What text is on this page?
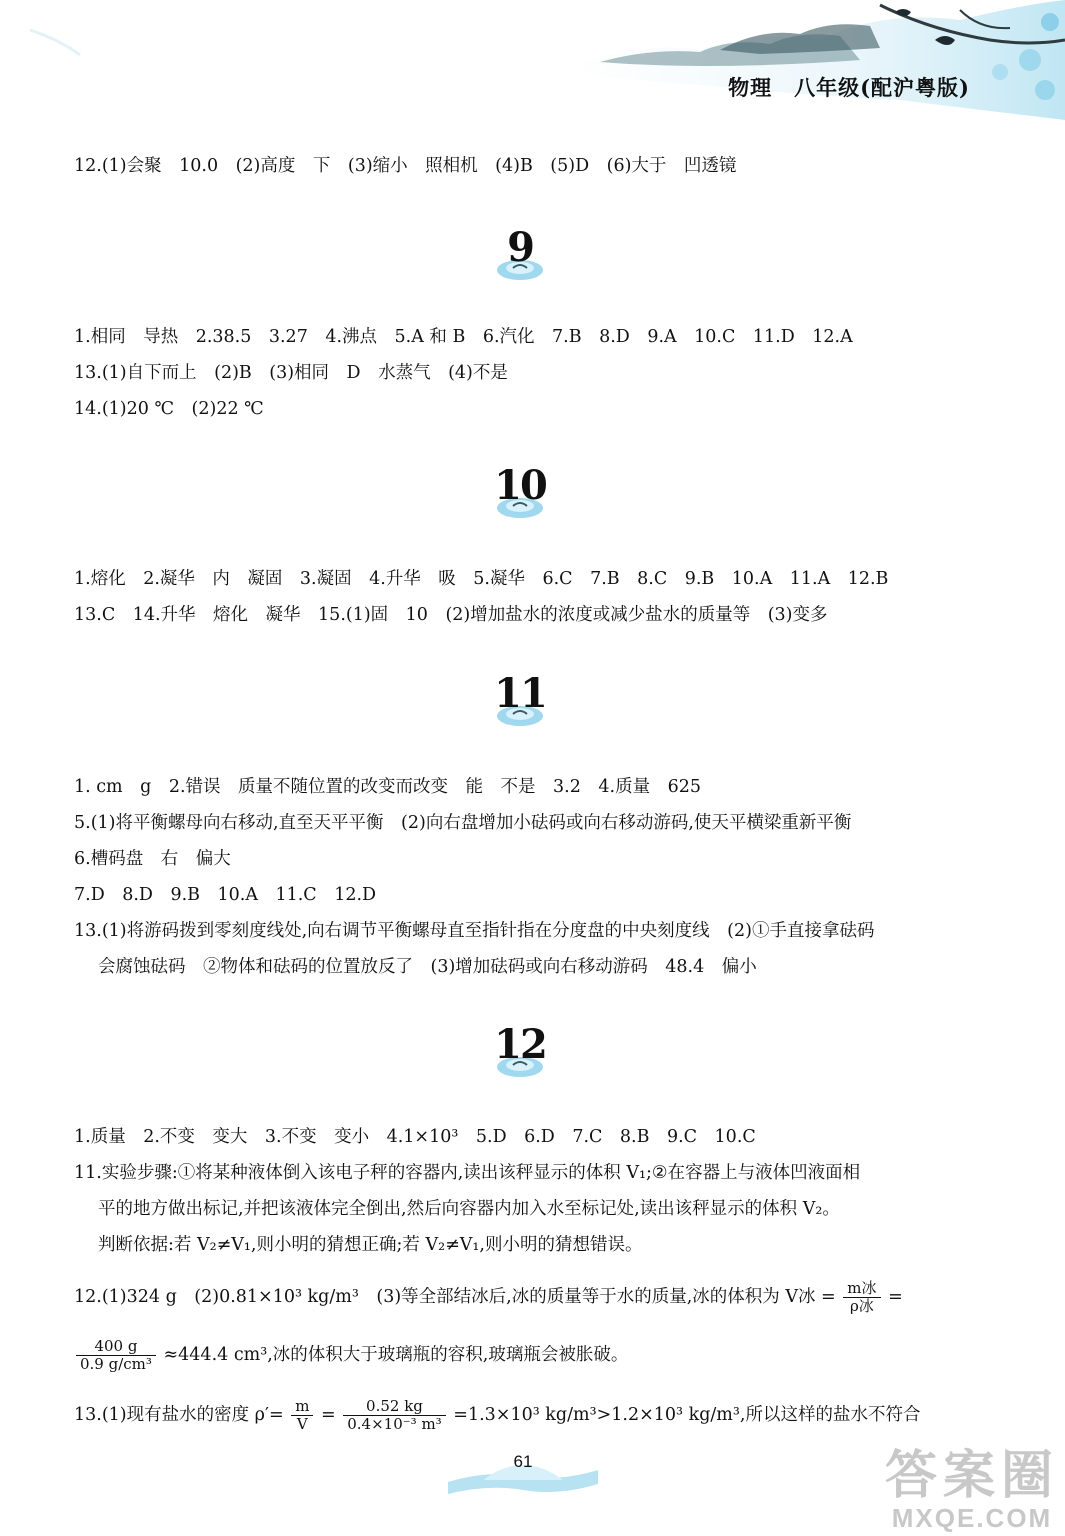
物理　八年级(配沪粤版)
12.(1)会聚　10.0　(2)高度　下　(3)缩小　照相机　(4)B　(5)D　(6)大于　凹透镜
9
1.相同　导热　2.38.5　3.27　4.沸点　5.A 和 B　6.汽化　7.B　8.D　9.A　10.C　11.D　12.A
13.(1)自下而上　(2)B　(3)相同　D　水蒸气　(4)不是
14.(1)20 ℃　(2)22 ℃
10
1.熔化　2.凝华　内　凝固　3.凝固　4.升华　吸　5.凝华　6.C　7.B　8.C　9.B　10.A　11.A　12.B
13.C　14.升华　熔化　凝华　15.(1)固　10　(2)增加盐水的浓度或减少盐水的质量等　(3)变多
11
1. cm　g　2.错误　质量不随位置的改变而改变　能　不是　3.2　4.质量　625
5.(1)将平衡螺母向右移动,直至天平平衡　(2)向右盘增加小砝码或向右移动游码,使天平横梁重新平衡
6.槽码盘　右　偏大
7.D　8.D　9.B　10.A　11.C　12.D
13.(1)将游码拨到零刻度线处,向右调节平衡螺母直至指针指在分度盘的中央刻度线　(2)①手直接拿砝码
会腐蚀砝码　②物体和砝码的位置放反了　(3)增加砝码或向右移动游码　48.4　偏小
12
1.质量　2.不变　变大　3.不变　变小　4.1×10³　5.D　6.D　7.C　8.B　9.C　10.C
11.实验步骤:①将某种液体倒入该电子秤的容器内,读出该秤显示的体积 V₁;②在容器上与液体凹液面相
平的地方做出标记,并把该液体完全倒出,然后向容器内加入水至标记处,读出该秤显示的体积 V₂。
判断依据:若 V₂≠V₁,则小明的猜想正确;若 V₂≠V₁,则小明的猜想错误。
12.(1)324 g　(2)0.81×10³ kg/m³　(3)等全部结冰后,冰的质量等于水的质量,冰的体积为 V冰 = $\frac{\text{m冰}}{\text{ρ冰}}$ =
$\frac{400 g}{\text{0.9 g/cm³}} \approx 444.4$ cm³,冰的体积大于玻璃瓶的容积,玻璃瓶会被胀破。
13.(1)现有盐水的密度 $\rho'= \frac{m}{V} = \frac{0.52 kg}{\text{0.4×10⁻³ m³}} =1.3\times 10^3$ kg/m³>1.2×10³ kg/m³,所以这样的盐水不符合
61	答案圈
MXQE.COM
